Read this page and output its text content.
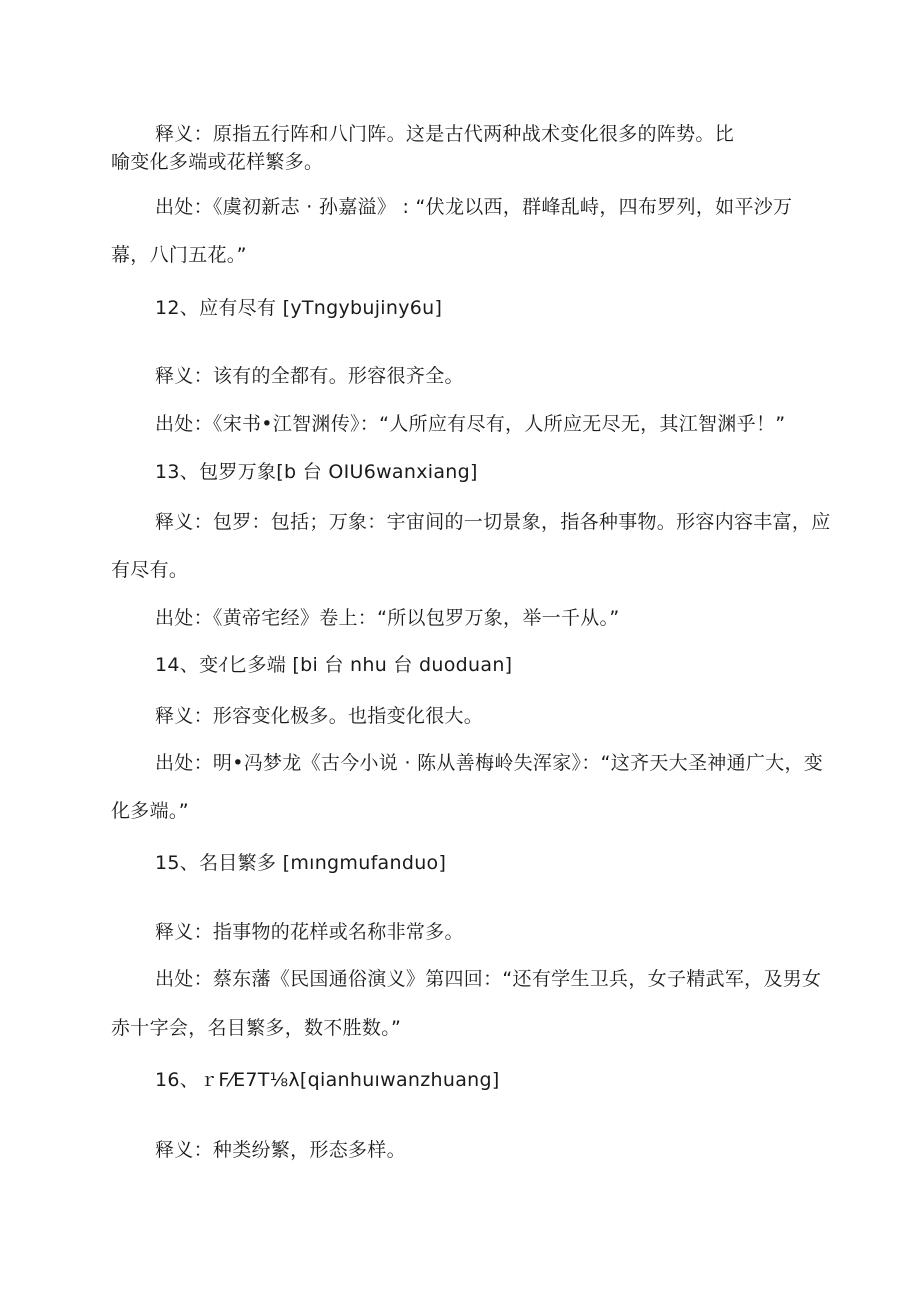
释义：原指五行阵和八门阵。这是古代两种战术变化很多的阵势。比
喻变化多端或花样繁多。
出处：《虞初新志 · 孙嘉溢》 : “伏龙以西，群峰乱峙，四布罗列，如平沙万
幕，八门五花。”
12、应有尽有 [yTngybujiny6u]
释义：该有的全都有。形容很齐全。
出处：《宋书•江智渊传》：“人所应有尽有，人所应无尽无，其江智渊乎！”
13、包罗万象[b 台 OIU6wanxiang]
释义：包罗：包括；万象：宇宙间的一切景象，指各种事物。形容内容丰富，应
有尽有。
出处：《黄帝宅经》卷上：“所以包罗万象，举一千从。”
14、变ｲ匕多端 [bi 台 nhu 台 duoduan]
释义：形容变化极多。也指变化很大。
出处：明•冯梦龙《古今小说 · 陈从善梅岭失浑家》：“这齐天大圣神通广大，变
化多端。”
15、名目繁多 [mıngmufanduo]
释义：指事物的花样或名称非常多。
出处：蔡东藩《民国通俗演义》第四回：“还有学生卫兵，女子精武军，及男女
赤十字会，名目繁多，数不胜数。”
16、ｒF⁄E7T⅛λ[qianhuıwanzhuang]
释义：种类纷繁，形态多样。
